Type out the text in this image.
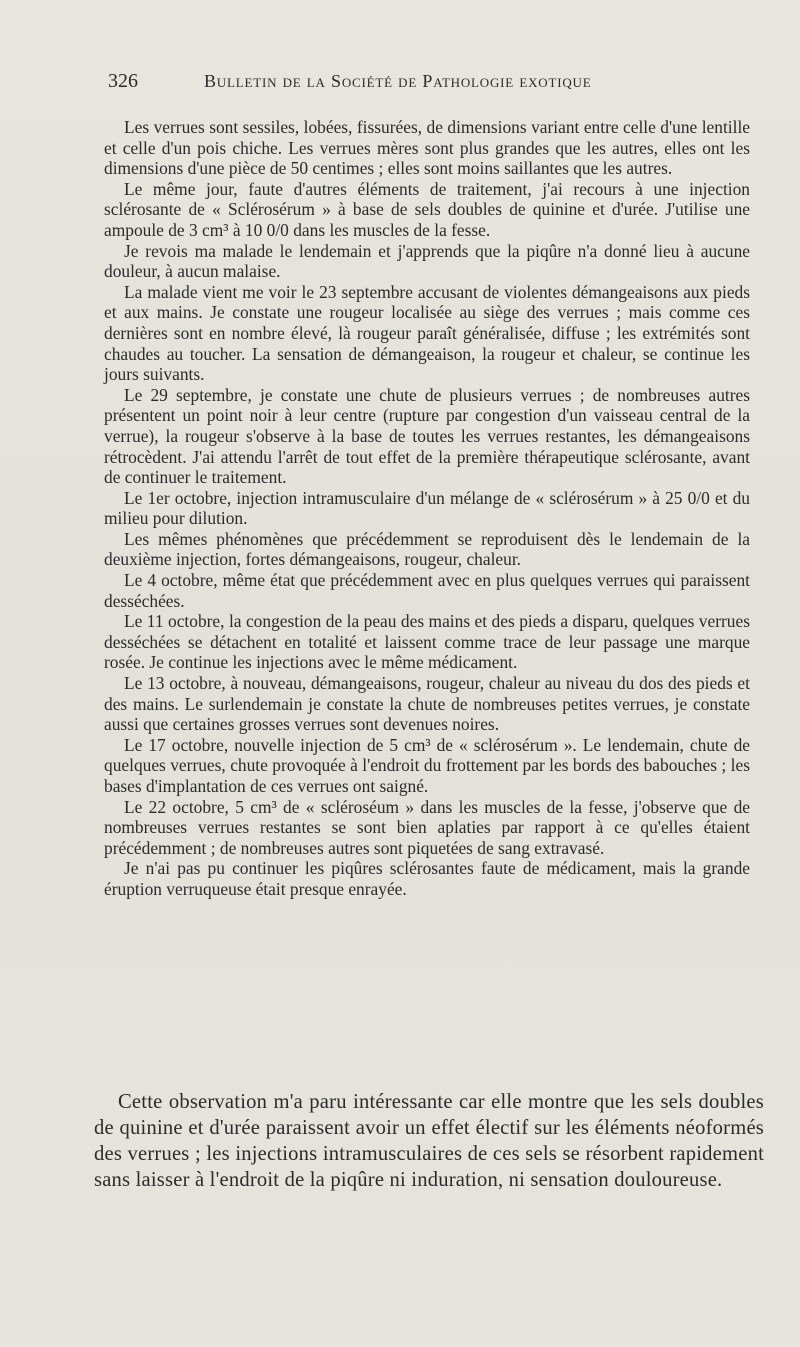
326	Bulletin de la Société de Pathologie exotique

Les verrues sont sessiles, lobées, fissurées, de dimensions variant entre celle d'une lentille et celle d'un pois chiche. Les verrues mères sont plus grandes que les autres, elles ont les dimensions d'une pièce de 50 centimes ; elles sont moins saillantes que les autres.

Le même jour, faute d'autres éléments de traitement, j'ai recours à une injection sclérosante de « Sclérosérum » à base de sels doubles de quinine et d'urée. J'utilise une ampoule de 3 cm³ à 10 0/0 dans les muscles de la fesse.

Je revois ma malade le lendemain et j'apprends que la piqûre n'a donné lieu à aucune douleur, à aucun malaise.

La malade vient me voir le 23 septembre accusant de violentes démangeaisons aux pieds et aux mains. Je constate une rougeur localisée au siège des verrues ; mais comme ces dernières sont en nombre élevé, là rougeur paraît généralisée, diffuse ; les extrémités sont chaudes au toucher. La sensation de démangeaison, la rougeur et chaleur, se continue les jours suivants.

Le 29 septembre, je constate une chute de plusieurs verrues ; de nombreuses autres présentent un point noir à leur centre (rupture par congestion d'un vaisseau central de la verrue), la rougeur s'observe à la base de toutes les verrues restantes, les démangeaisons rétrocèdent. J'ai attendu l'arrêt de tout effet de la première thérapeutique sclérosante, avant de continuer le traitement.

Le 1er octobre, injection intramusculaire d'un mélange de « sclérosérum » à 25 0/0 et du milieu pour dilution.

Les mêmes phénomènes que précédemment se reproduisent dès le lendemain de la deuxième injection, fortes démangeaisons, rougeur, chaleur.

Le 4 octobre, même état que précédemment avec en plus quelques verrues qui paraissent desséchées.

Le 11 octobre, la congestion de la peau des mains et des pieds a disparu, quelques verrues desséchées se détachent en totalité et laissent comme trace de leur passage une marque rosée. Je continue les injections avec le même médicament.

Le 13 octobre, à nouveau, démangeaisons, rougeur, chaleur au niveau du dos des pieds et des mains. Le surlendemain je constate la chute de nombreuses petites verrues, je constate aussi que certaines grosses verrues sont devenues noires.

Le 17 octobre, nouvelle injection de 5 cm³ de « sclérosérum ». Le lendemain, chute de quelques verrues, chute provoquée à l'endroit du frottement par les bords des babouches ; les bases d'implantation de ces verrues ont saigné.

Le 22 octobre, 5 cm³ de « scléroséum » dans les muscles de la fesse, j'observe que de nombreuses verrues restantes se sont bien aplaties par rapport à ce qu'elles étaient précédemment ; de nombreuses autres sont piquetées de sang extravasé.

Je n'ai pas pu continuer les piqûres sclérosantes faute de médicament, mais la grande éruption verruqueuse était presque enrayée.

Cette observation m'a paru intéressante car elle montre que les sels doubles de quinine et d'urée paraissent avoir un effet électif sur les éléments néoformés des verrues ; les injections intramusculaires de ces sels se résorbent rapidement sans laisser à l'endroit de la piqûre ni induration, ni sensation douloureuse.
